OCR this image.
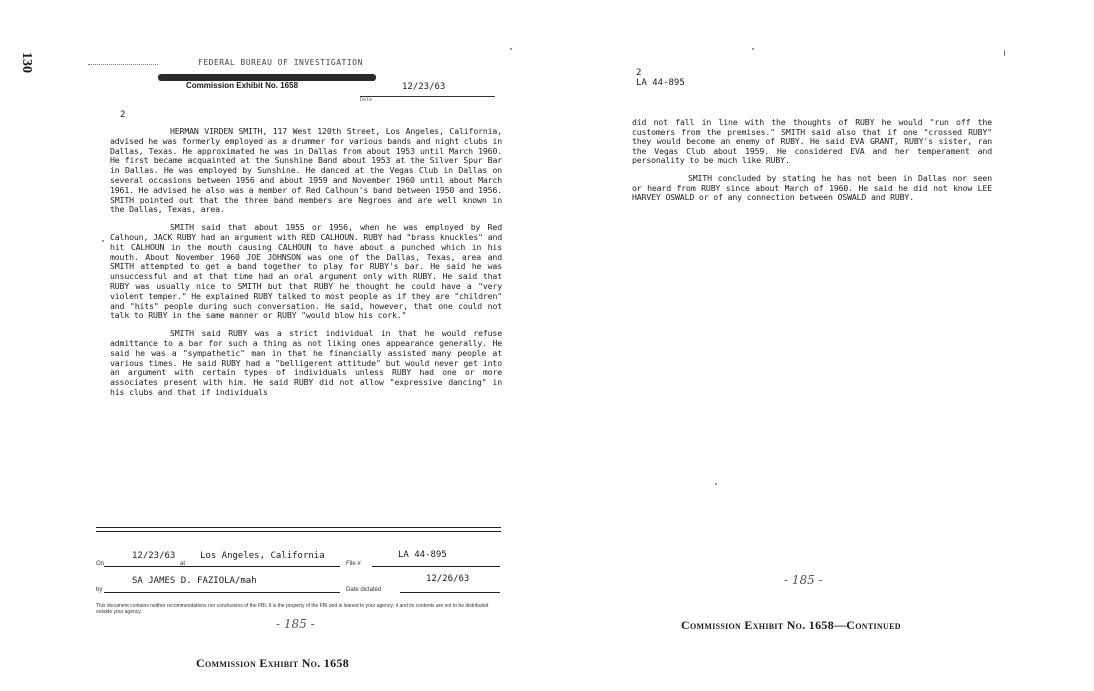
130	FEDERAL BUREAU OF INVESTIGATION
Commission Exhibit No. 1658	12/23/63
Date
2

HERMAN VIRDEN SMITH, 117 West 120th Street, Los Angeles, California, advised he was formerly employed as a drummer for various bands and night clubs in Dallas, Texas. He approximated he was in Dallas from about 1953 until March 1960. He first became acquainted at the Sunshine Band about 1953 at the Silver Spur Bar in Dallas. He was employed by Sunshine. He danced at the Vegas Club in Dallas on several occasions between 1956 and about 1959 and November 1960 until about March 1961. He advised he also was a member of Red Calhoun's band between 1950 and 1956. SMITH pointed out that the three band members are Negroes and are well known in the Dallas, Texas, area.

SMITH said that about 1955 or 1956, when he was employed by Red Calhoun, JACK RUBY had an argument with RED CALHOUN. RUBY had "brass knuckles" and hit CALHOUN in the mouth causing CALHOUN to have about a punched which in his mouth. About November 1960 JOE JOHNSON was one of the Dallas, Texas, area and SMITH attempted to get a band together to play for RUBY's bar. He said he was unsuccessful and at that time had an oral argument only with RUBY. He said that RUBY was usually nice to SMITH but that RUBY he thought he could have a "very violent temper." He explained RUBY talked to most people as if they are "children" and "hits" people during such conversation. He said, however, that one could not talk to RUBY in the same manner or RUBY "would blow his cork."

SMITH said RUBY was a strict individual in that he would refuse admittance to a bar for such a thing as not liking ones appearance generally. He said he was a "sympathetic" man in that he financially assisted many people at various times. He said RUBY had a "belligerent attitude" but would never get into an argument with certain types of individuals unless RUBY had one or more associates present with him. He said RUBY did not allow "expressive dancing" in his clubs and that if individuals

On
12/23/63
at
Los Angeles, California
File #
LA 44-895
by
SA JAMES D. FAZIOLA/mah
Date dictated
12/26/63
This document contains neither recommendations nor conclusions of the FBI. It is the property of the FBI and is loaned to your agency; it and its contents are not to be distributed outside your agency.
- 185 -
Commission Exhibit No. 1658
2
LA 44-895

did not fall in line with the thoughts of RUBY he would "run off the customers from the premises." SMITH said also that if one "crossed RUBY" they would become an enemy of RUBY. He said EVA GRANT, RUBY's sister, ran the Vegas Club about 1959. He considered EVA and her temperament and personality to be much like RUBY.

SMITH concluded by stating he has not been in Dallas nor seen or heard from RUBY since about March of 1960. He said he did not know LEE HARVEY OSWALD or of any connection between OSWALD and RUBY.

- 185 -
Commission Exhibit No. 1658—Continued
